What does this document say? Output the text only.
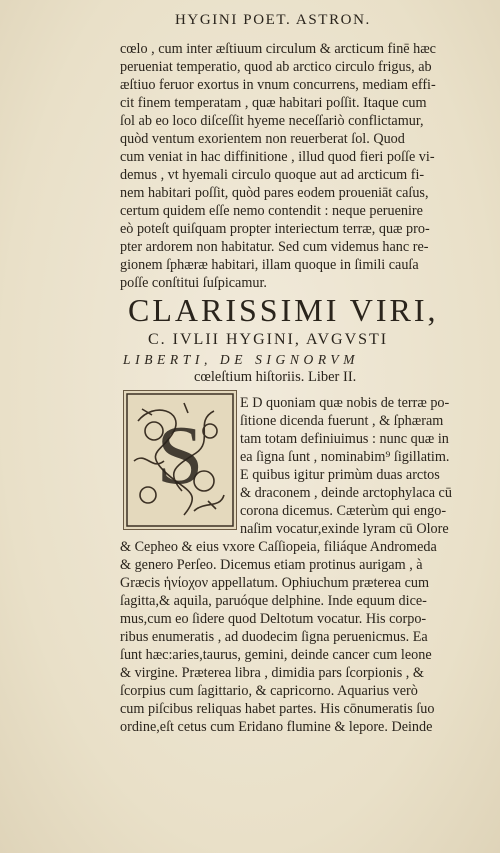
HYGINI POET. ASTRON.
cœlo , cum inter æſtiuum circulum & arcticum finē hæc
perueniat temperatio, quod ab arctico circulo frigus, ab
æſtiuo feruor exortus in vnum concurrens, mediam effi-
cit finem temperatam , quæ habitari poſſit. Itaque cum
ſol ab eo loco diſceſſit hyeme neceſſariò conflictamur,
quòd ventum exorientem non reuerberat ſol. Quod
cum veniat in hac diffinitione , illud quod fieri poſſe vi-
demus , vt hyemali circulo quoque aut ad arcticum fi-
nem habitari poſſit, quòd pares eodem proueniāt caſus,
certum quidem eſſe nemo contendit : neque peruenire
eò poteſt quiſquam propter interiectum terræ, quæ pro-
pter ardorem non habitatur. Sed cum videmus hanc re-
gionem ſphæræ habitari, illam quoque in ſimili cauſa
poſſe conſtitui ſuſpicamur.
CLARISSIMI VIRI,
C. IVLII HYGINI, AVGVSTI
LIBERTI, DE SIGNORVM
cœleſtium hiſtoriis. Liber II.
S
E D quoniam quæ nobis de terræ po-
ſitione dicenda fuerunt , & ſphæram
tam totam definiuimus : nunc quæ in
ea ſigna ſunt , nominabim⁹ ſigillatim.
E quibus igitur primùm duas arctos
& draconem , deinde arctophylaca cū
corona dicemus. Cæterùm qui engo-
naſim vocatur,exinde lyram cū Olore
& Cepheo & eius vxore Caſſiopeia, filiáque Andromeda
& genero Perſeo. Dicemus etiam protinus aurigam , à
Græcis ἡνίοχον appellatum. Ophiuchum præterea cum
ſagitta,& aquila, paruóque delphine. Inde equum dice-
mus,cum eo ſidere quod Deltotum vocatur. His corpo-
ribus enumeratis , ad duodecim ſigna peruenicmus. Ea
ſunt hæc:aries,taurus, gemini, deinde cancer cum leone
& virgine. Præterea libra , dimidia pars ſcorpionis , &
ſcorpius cum ſagittario, & capricorno. Aquarius verò
cum piſcibus reliquas habet partes. His cōnumeratis ſuo
ordine,eſt cetus cum Eridano flumine & lepore. Deinde
